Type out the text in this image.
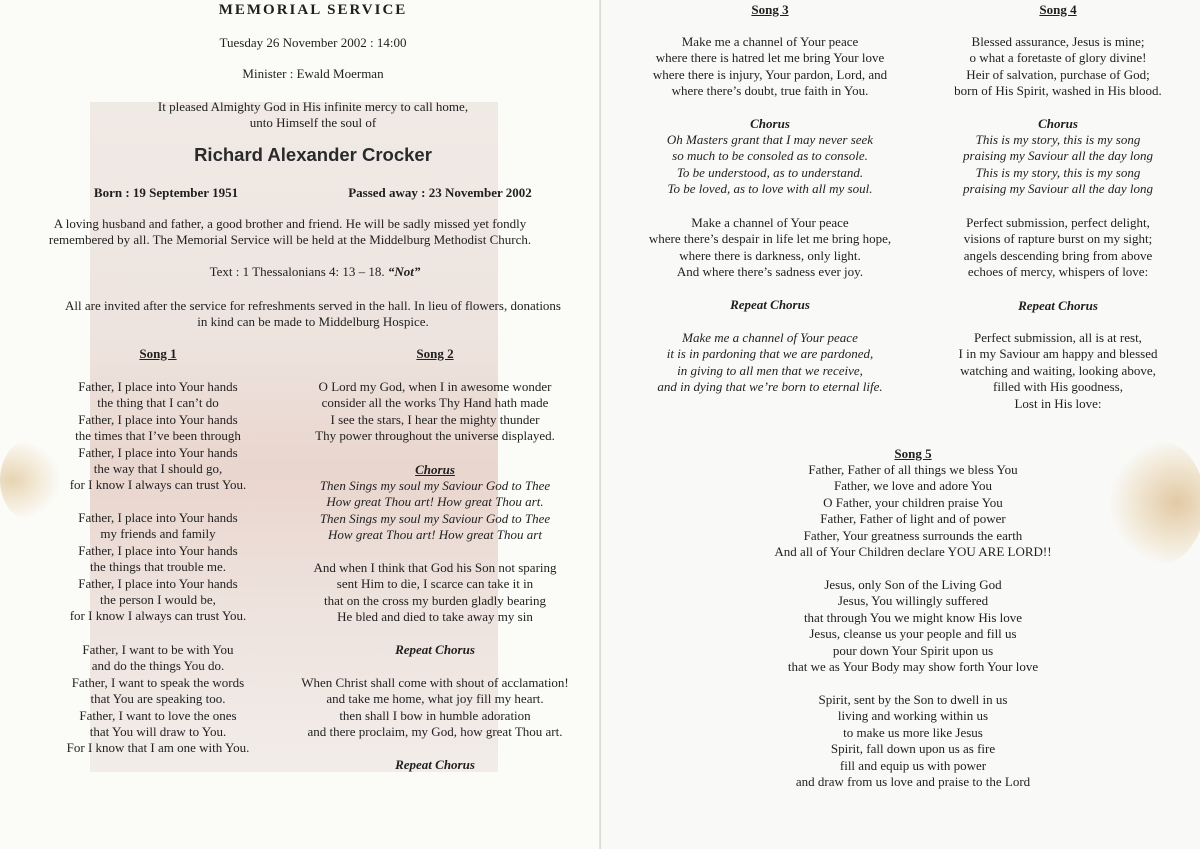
MEMORIAL SERVICE
Tuesday 26 November 2002 : 14:00
Minister : Ewald Moerman
It pleased Almighty God in His infinite mercy to call home,
unto Himself the soul of
Richard Alexander Crocker
Born : 19 September 1951	Passed away : 23 November 2002
A loving husband and father, a good brother and friend. He will be sadly missed yet fondly
remembered by all. The Memorial Service will be held at the Middelburg Methodist Church.
Text : 1 Thessalonians 4: 13 – 18. “Not”
All are invited after the service for refreshments served in the hall. In lieu of flowers, donations
in kind can be made to Middelburg Hospice.
Song 1
Father, I place into Your hands
the thing that I can’t do
Father, I place into Your hands
the times that I’ve been through
Father, I place into Your hands
the way that I should go,
for I know I always can trust You.
Father, I place into Your hands
my friends and family
Father, I place into Your hands
the things that trouble me.
Father, I place into Your hands
the person I would be,
for I know I always can trust You.
Father, I want to be with You
and do the things You do.
Father, I want to speak the words
that You are speaking too.
Father, I want to love the ones
that You will draw to You.
For I know that I am one with You.
Song 2
O Lord my God, when I in awesome wonder
consider all the works Thy Hand hath made
I see the stars, I hear the mighty thunder
Thy power throughout the universe displayed.
Chorus
Then Sings my soul my Saviour God to Thee
How great Thou art! How great Thou art.
Then Sings my soul my Saviour God to Thee
How great Thou art! How great Thou art
And when I think that God his Son not sparing
sent Him to die, I scarce can take it in
that on the cross my burden gladly bearing
He bled and died to take away my sin
Repeat Chorus
When Christ shall come with shout of acclamation!
and take me home, what joy fill my heart.
then shall I bow in humble adoration
and there proclaim, my God, how great Thou art.
Repeat Chorus
Song 3
Make me a channel of Your peace
where there is hatred let me bring Your love
where there is injury, Your pardon, Lord, and
where there’s doubt, true faith in You.
Chorus
Oh Masters grant that I may never seek
so much to be consoled as to console.
To be understood, as to understand.
To be loved, as to love with all my soul.
Make a channel of Your peace
where there’s despair in life let me bring hope,
where there is darkness, only light.
And where there’s sadness ever joy.
Repeat Chorus
Make me a channel of Your peace
it is in pardoning that we are pardoned,
in giving to all men that we receive,
and in dying that we’re born to eternal life.
Song 4
Blessed assurance, Jesus is mine;
o what a foretaste of glory divine!
Heir of salvation, purchase of God;
born of His Spirit, washed in His blood.
Chorus
This is my story, this is my song
praising my Saviour all the day long
This is my story, this is my song
praising my Saviour all the day long
Perfect submission, perfect delight,
visions of rapture burst on my sight;
angels descending bring from above
echoes of mercy, whispers of love:
Repeat Chorus
Perfect submission, all is at rest,
I in my Saviour am happy and blessed
watching and waiting, looking above,
filled with His goodness,
Lost in His love:
Song 5
Father, Father of all things we bless You
Father, we love and adore You
O Father, your children praise You
Father, Father of light and of power
Father, Your greatness surrounds the earth
And all of Your Children declare YOU ARE LORD!!
Jesus, only Son of the Living God
Jesus, You willingly suffered
that through You we might know His love
Jesus, cleanse us your people and fill us
pour down Your Spirit upon us
that we as Your Body may show forth Your love
Spirit, sent by the Son to dwell in us
living and working within us
to make us more like Jesus
Spirit, fall down upon us as fire
fill and equip us with power
and draw from us love and praise to the Lord
